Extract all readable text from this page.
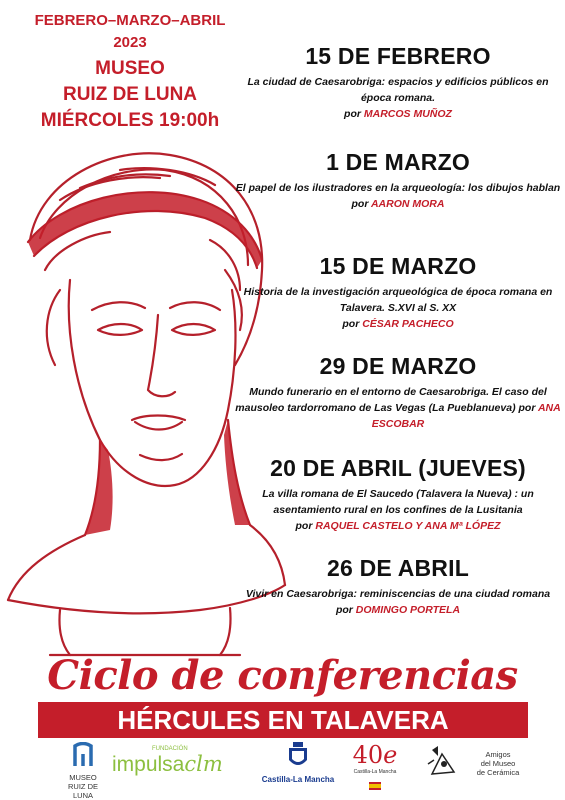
FEBRERO–MARZO–ABRIL
2023
MUSEO
RUIZ DE LUNA
MIÉRCOLES 19:00h
15 DE FEBRERO
La ciudad de Caesarobriga: espacios y edificios públicos en época romana.
por MARCOS MUÑOZ
1 DE MARZO
El papel de los ilustradores en la arqueología: los dibujos hablan
por AARON MORA
15 DE MARZO
Historia de la investigación arqueológica de época romana en Talavera. S.XVI al S. XX
por CÉSAR PACHECO
29 DE MARZO
Mundo funerario en el entorno de Caesarobriga. El caso del mausoleo tardorromano de Las Vegas (La Pueblanueva) por ANA ESCOBAR
20 DE ABRIL (JUEVES)
La villa romana de El Saucedo (Talavera la Nueva) : un asentamiento rural en los confines de la Lusitania
por RAQUEL CASTELO Y ANA Mª LÓPEZ
26 DE ABRIL
Vivir en Caesarobriga: reminiscencias de una ciudad romana
por DOMINGO PORTELA
Ciclo de conferencias
HÉRCULES EN TALAVERA
MUSEO
RUIZ DE LUNA
FUNDACIÓN
impulsaclm
Castilla-La Mancha
40e
Castilla-La Mancha
Amigos
del Museo
de Cerámica
